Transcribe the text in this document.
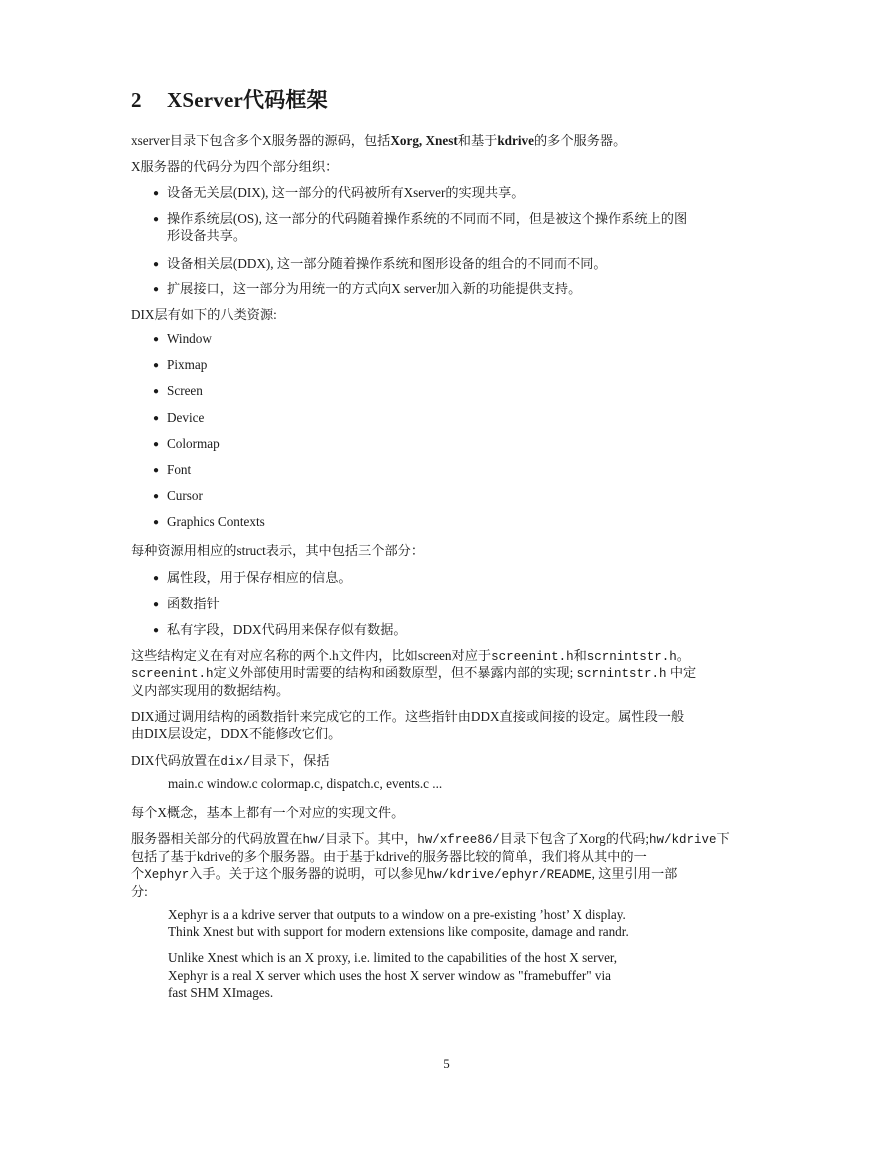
2 XServer代码框架
xserver目录下包含多个X服务器的源码，包括Xorg, Xnest和基于kdrive的多个服务器。
X服务器的代码分为四个部分组织：
● 设备无关层(DIX), 这一部分的代码被所有Xserver的实现共享。
● 操作系统层(OS), 这一部分的代码随着操作系统的不同而不同，但是被这个操作系统上的图
形设备共享。
● 设备相关层(DDX), 这一部分随着操作系统和图形设备的组合的不同而不同。
● 扩展接口，这一部分为用统一的方式向X server加入新的功能提供支持。
DIX层有如下的八类资源:
● Window
● Pixmap
● Screen
● Device
● Colormap
● Font
● Cursor
● Graphics Contexts
每种资源用相应的struct表示，其中包括三个部分：
● 属性段，用于保存相应的信息。
● 函数指针
● 私有字段，DDX代码用来保存似有数据。
这些结构定义在有对应名称的两个.h文件内，比如screen对应于screenint.h和scrnintstr.h。
screenint.h定义外部使用时需要的结构和函数原型，但不暴露内部的实现; scrnintstr.h 中定
义内部实现用的数据结构。
DIX通过调用结构的函数指针来完成它的工作。这些指针由DDX直接或间接的设定。属性段一般
由DIX层设定，DDX不能修改它们。
DIX代码放置在dix/目录下，保括
main.c window.c colormap.c, dispatch.c, events.c ...
每个X概念，基本上都有一个对应的实现文件。
服务器相关部分的代码放置在hw/目录下。其中，hw/xfree86/目录下包含了Xorg的代码;hw/kdrive下
包括了基于kdrive的多个服务器。由于基于kdrive的服务器比较的简单，我们将从其中的一
个Xephyr入手。关于这个服务器的说明，可以参见hw/kdrive/ephyr/README, 这里引用一部
分:
Xephyr is a a kdrive server that outputs to a window on a pre-existing ’host’ X display.
Think Xnest but with support for modern extensions like composite, damage and randr.
Unlike Xnest which is an X proxy, i.e. limited to the capabilities of the host X server,
Xephyr is a real X server which uses the host X server window as "framebuffer" via
fast SHM XImages.
5
